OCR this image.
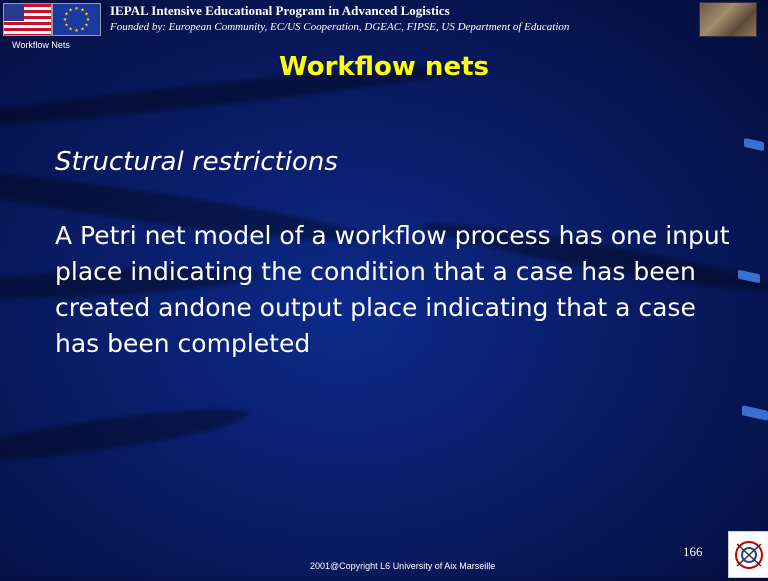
★ ★
★
★
★
★
★
★
★
★
★
★	IEPAL Intensive Educational Program in Advanced Logistics
Founded by: European Community, EC/US Cooperation, DGEAC, FIPSE, US Department of Education
Workflow Nets
Workflow nets
Structural restrictions
A Petri net model of a workflow process has one input place indicating the condition that a case has been created andone output place indicating that a case has been completed
166
2001@Copyright L6 University of Aix Marseille
